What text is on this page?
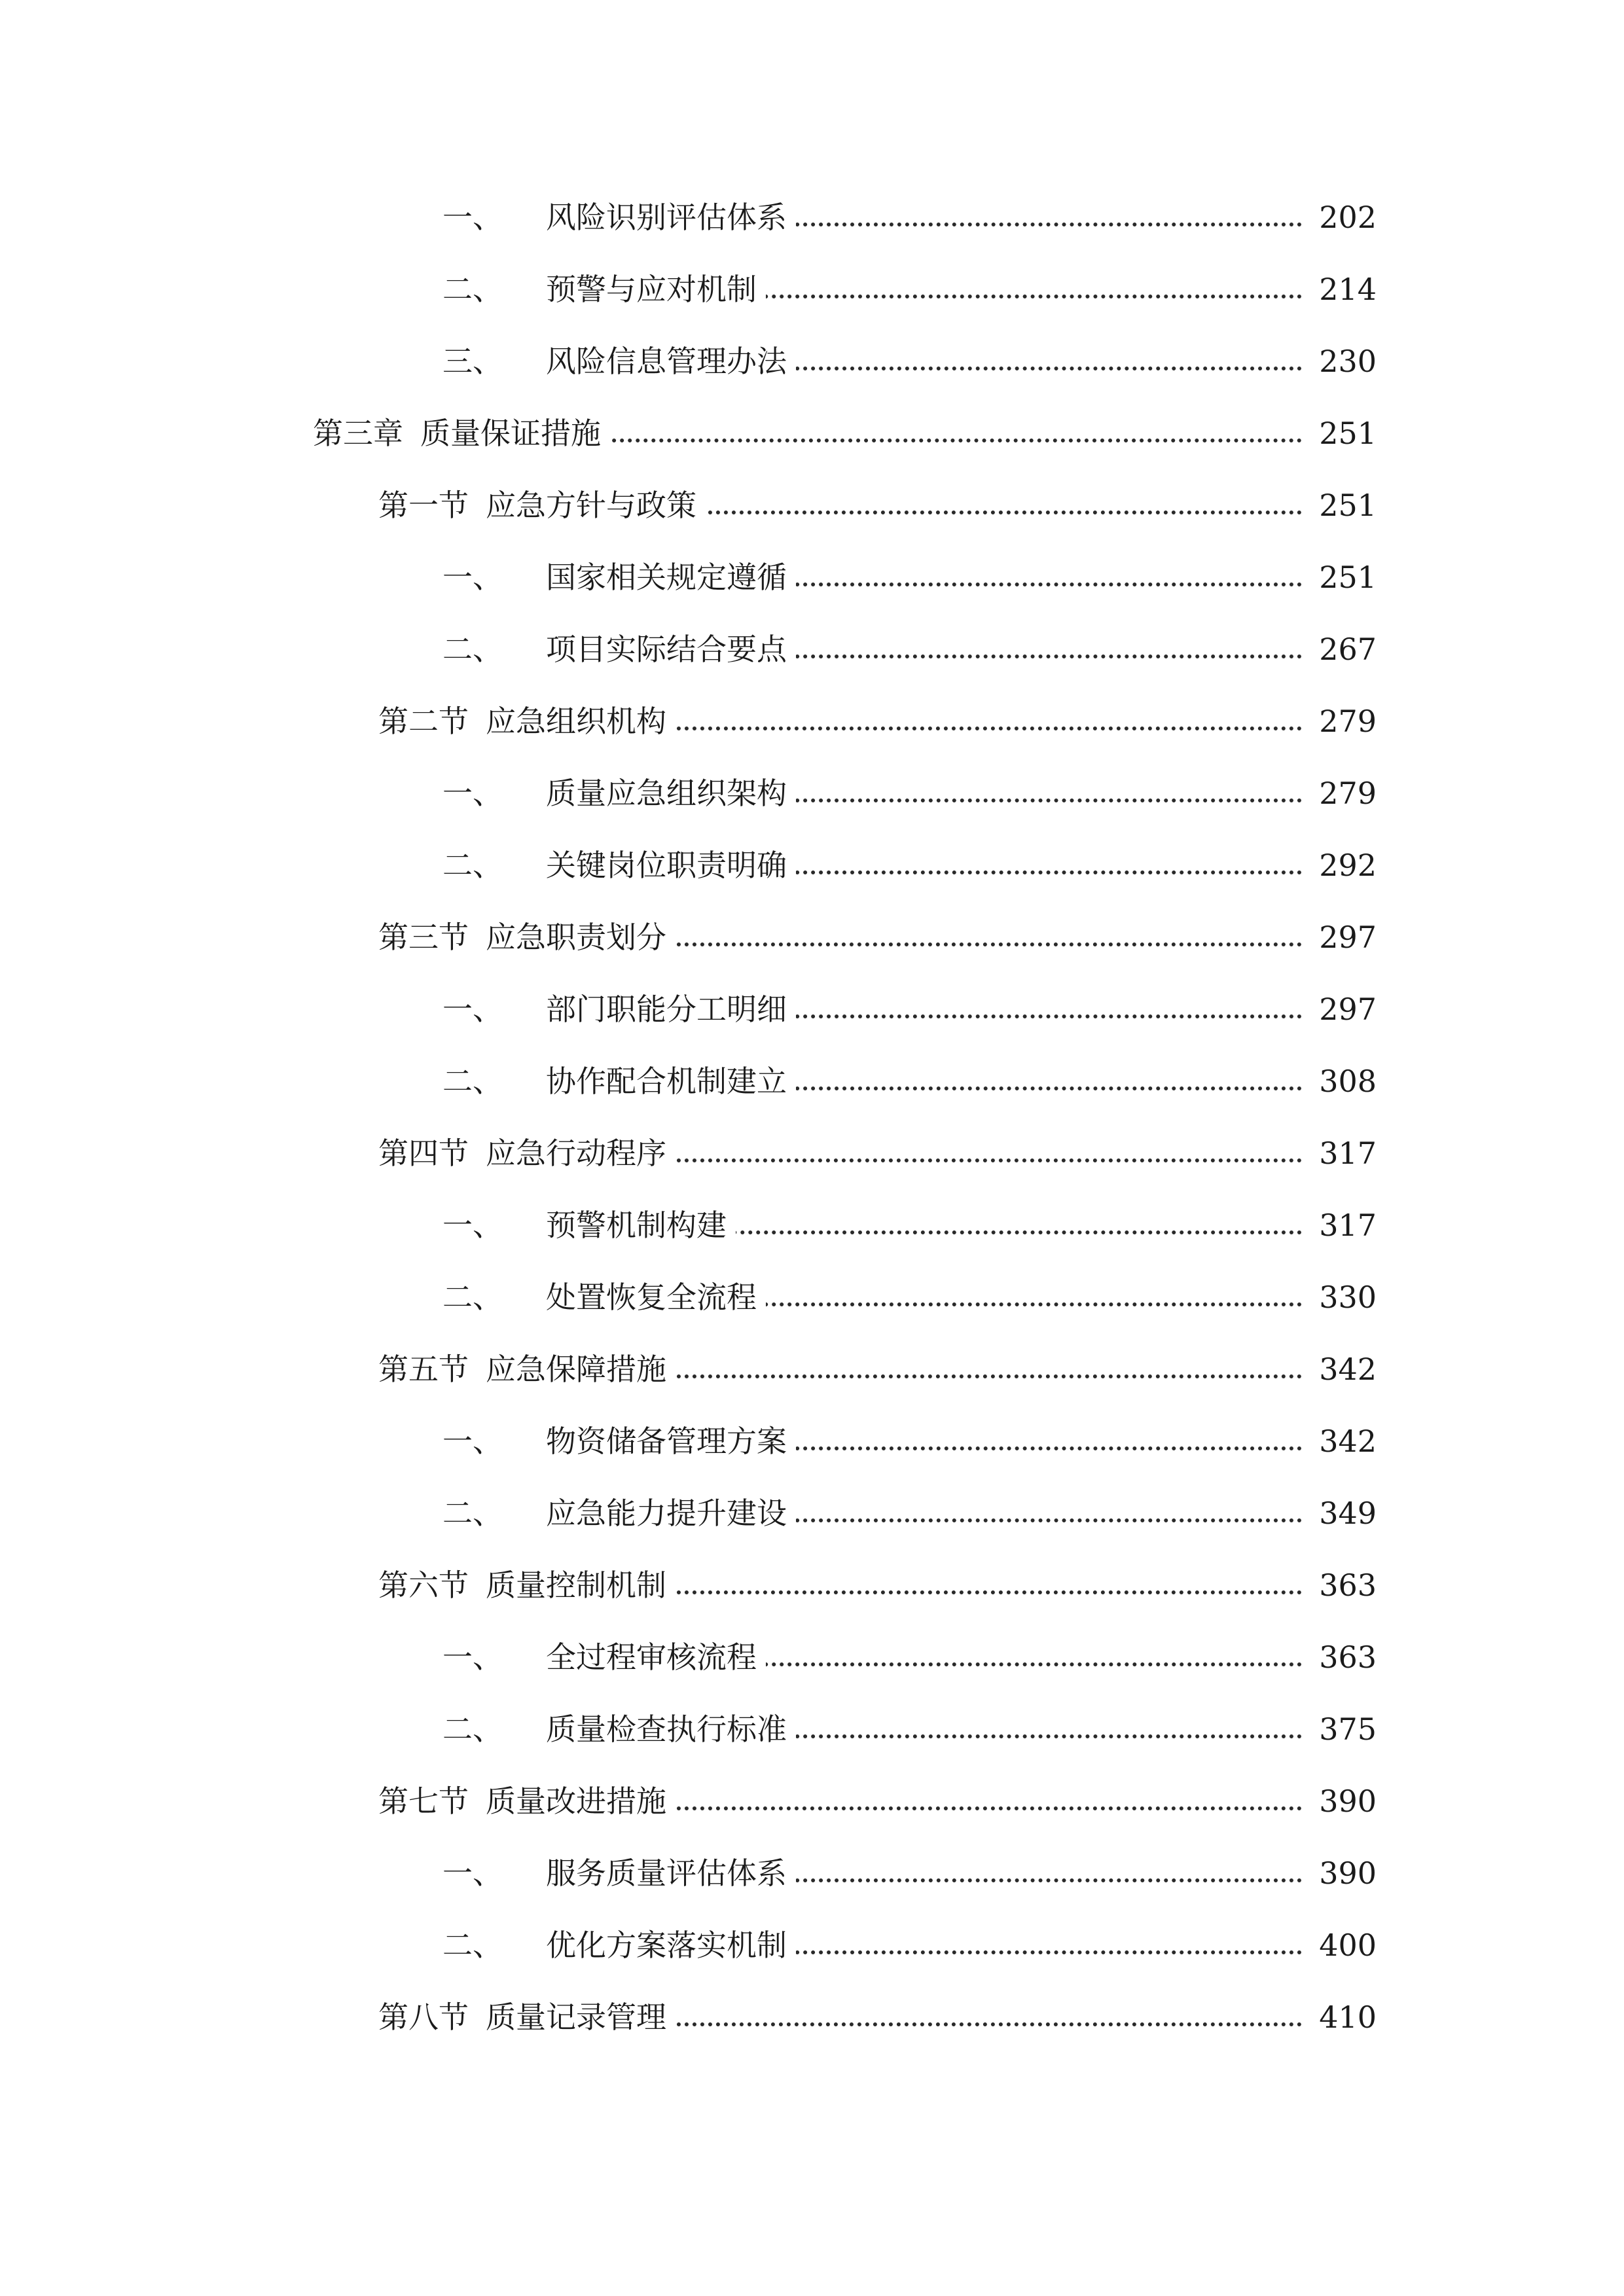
一、 风险识别评估体系	202
二、 预警与应对机制	214
三、 风险信息管理办法	230
第三章 质量保证措施	251
第一节 应急方针与政策	251
一、 国家相关规定遵循	251
二、 项目实际结合要点	267
第二节 应急组织机构	279
一、 质量应急组织架构	279
二、 关键岗位职责明确	292
第三节 应急职责划分	297
一、 部门职能分工明细	297
二、 协作配合机制建立	308
第四节 应急行动程序	317
一、 预警机制构建	317
二、 处置恢复全流程	330
第五节 应急保障措施	342
一、 物资储备管理方案	342
二、 应急能力提升建设	349
第六节 质量控制机制	363
一、 全过程审核流程	363
二、 质量检查执行标准	375
第七节 质量改进措施	390
一、 服务质量评估体系	390
二、 优化方案落实机制	400
第八节 质量记录管理	410
